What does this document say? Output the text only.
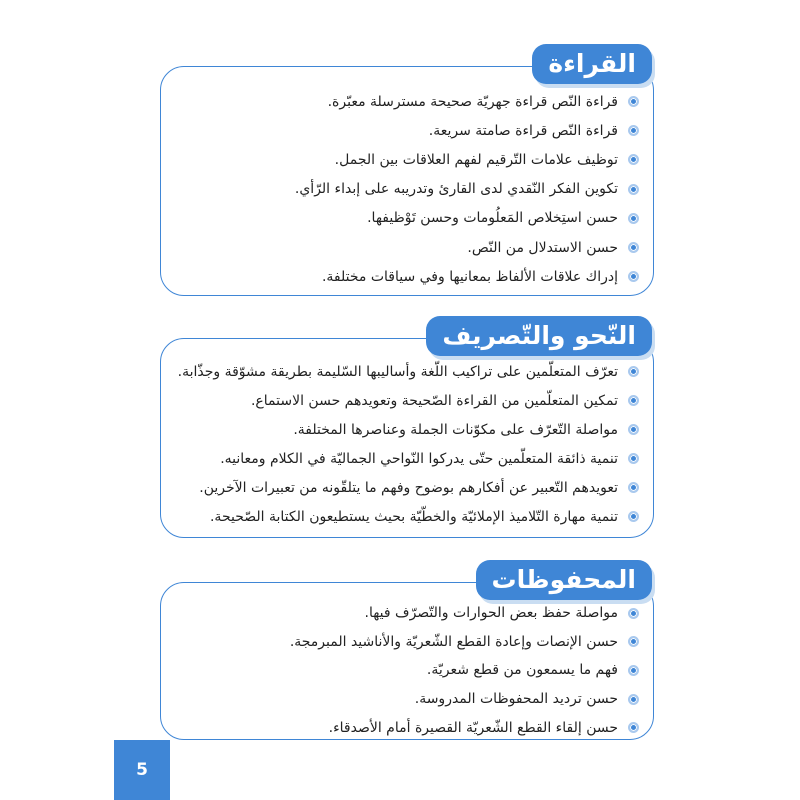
قراءة النّص قراءة جهريّة صحيحة مسترسلة معبّرة.
قراءة النّص قراءة صامتة سريعة.
توظيف علامات التّرقيم لفهم العلاقات بين الجمل.
تكوين الفكر النّقدي لدى القارئ وتدريبه على إبداء الرّأي.
حسن استِخلاص المَعلُومات وحسن تَوْظيفها.
حسن الاستدلال من النّص.
إدراك علاقات الألفاظ بمعانيها وفي سياقات مختلفة.
القراءة
تعرّف المتعلّمين على تراكيب اللّغة وأساليبها السّليمة بطريقة مشوّقة وجذّابة.
تمكين المتعلّمين من القراءة الصّحيحة وتعويدهم حسن الاستماع.
مواصلة التّعرّف على مكوّنات الجملة وعناصرها المختلفة.
تنمية ذائقة المتعلّمين حتّى يدركوا النّواحي الجماليّة في الكلام ومعانيه.
تعويدهم التّعبير عن أفكارهم بوضوح وفهم ما يتلقّونه من تعبيرات الآخرين.
تنمية مهارة التّلاميذ الإملائيّة والخطّيّة بحيث يستطيعون الكتابة الصّحيحة.
النّحو والتّصريف
مواصلة حفظ بعض الحوارات والتّصرّف فيها.
حسن الإنصات وإعادة القطع الشّعريّة والأناشيد المبرمجة.
فهم ما يسمعون من قطع شعريّة.
حسن ترديد المحفوظات المدروسة.
حسن إلقاء القطع الشّعريّة القصيرة أمام الأصدقاء.
المحفوظات
5
